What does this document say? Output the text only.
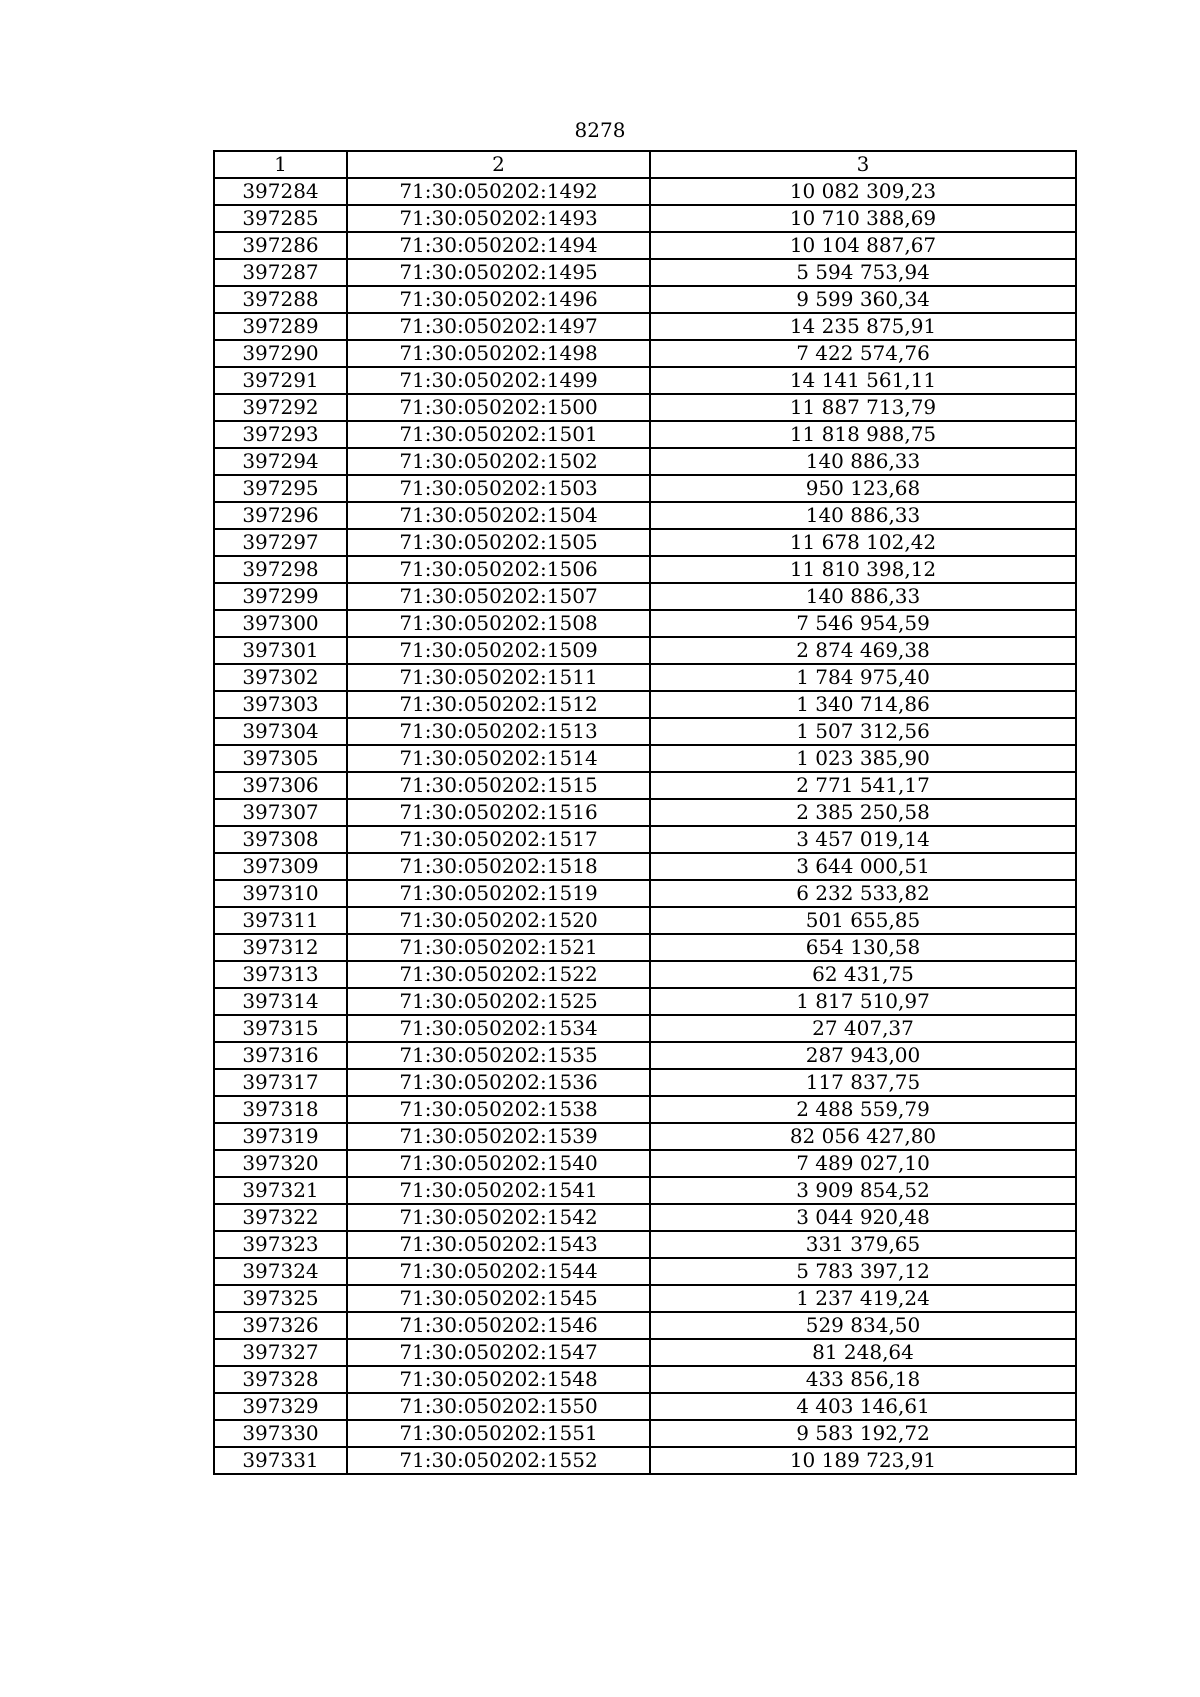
8278
1	2	3
397284	71:30:050202:1492	10 082 309,23
397285	71:30:050202:1493	10 710 388,69
397286	71:30:050202:1494	10 104 887,67
397287	71:30:050202:1495	5 594 753,94
397288	71:30:050202:1496	9 599 360,34
397289	71:30:050202:1497	14 235 875,91
397290	71:30:050202:1498	7 422 574,76
397291	71:30:050202:1499	14 141 561,11
397292	71:30:050202:1500	11 887 713,79
397293	71:30:050202:1501	11 818 988,75
397294	71:30:050202:1502	140 886,33
397295	71:30:050202:1503	950 123,68
397296	71:30:050202:1504	140 886,33
397297	71:30:050202:1505	11 678 102,42
397298	71:30:050202:1506	11 810 398,12
397299	71:30:050202:1507	140 886,33
397300	71:30:050202:1508	7 546 954,59
397301	71:30:050202:1509	2 874 469,38
397302	71:30:050202:1511	1 784 975,40
397303	71:30:050202:1512	1 340 714,86
397304	71:30:050202:1513	1 507 312,56
397305	71:30:050202:1514	1 023 385,90
397306	71:30:050202:1515	2 771 541,17
397307	71:30:050202:1516	2 385 250,58
397308	71:30:050202:1517	3 457 019,14
397309	71:30:050202:1518	3 644 000,51
397310	71:30:050202:1519	6 232 533,82
397311	71:30:050202:1520	501 655,85
397312	71:30:050202:1521	654 130,58
397313	71:30:050202:1522	62 431,75
397314	71:30:050202:1525	1 817 510,97
397315	71:30:050202:1534	27 407,37
397316	71:30:050202:1535	287 943,00
397317	71:30:050202:1536	117 837,75
397318	71:30:050202:1538	2 488 559,79
397319	71:30:050202:1539	82 056 427,80
397320	71:30:050202:1540	7 489 027,10
397321	71:30:050202:1541	3 909 854,52
397322	71:30:050202:1542	3 044 920,48
397323	71:30:050202:1543	331 379,65
397324	71:30:050202:1544	5 783 397,12
397325	71:30:050202:1545	1 237 419,24
397326	71:30:050202:1546	529 834,50
397327	71:30:050202:1547	81 248,64
397328	71:30:050202:1548	433 856,18
397329	71:30:050202:1550	4 403 146,61
397330	71:30:050202:1551	9 583 192,72
397331	71:30:050202:1552	10 189 723,91
